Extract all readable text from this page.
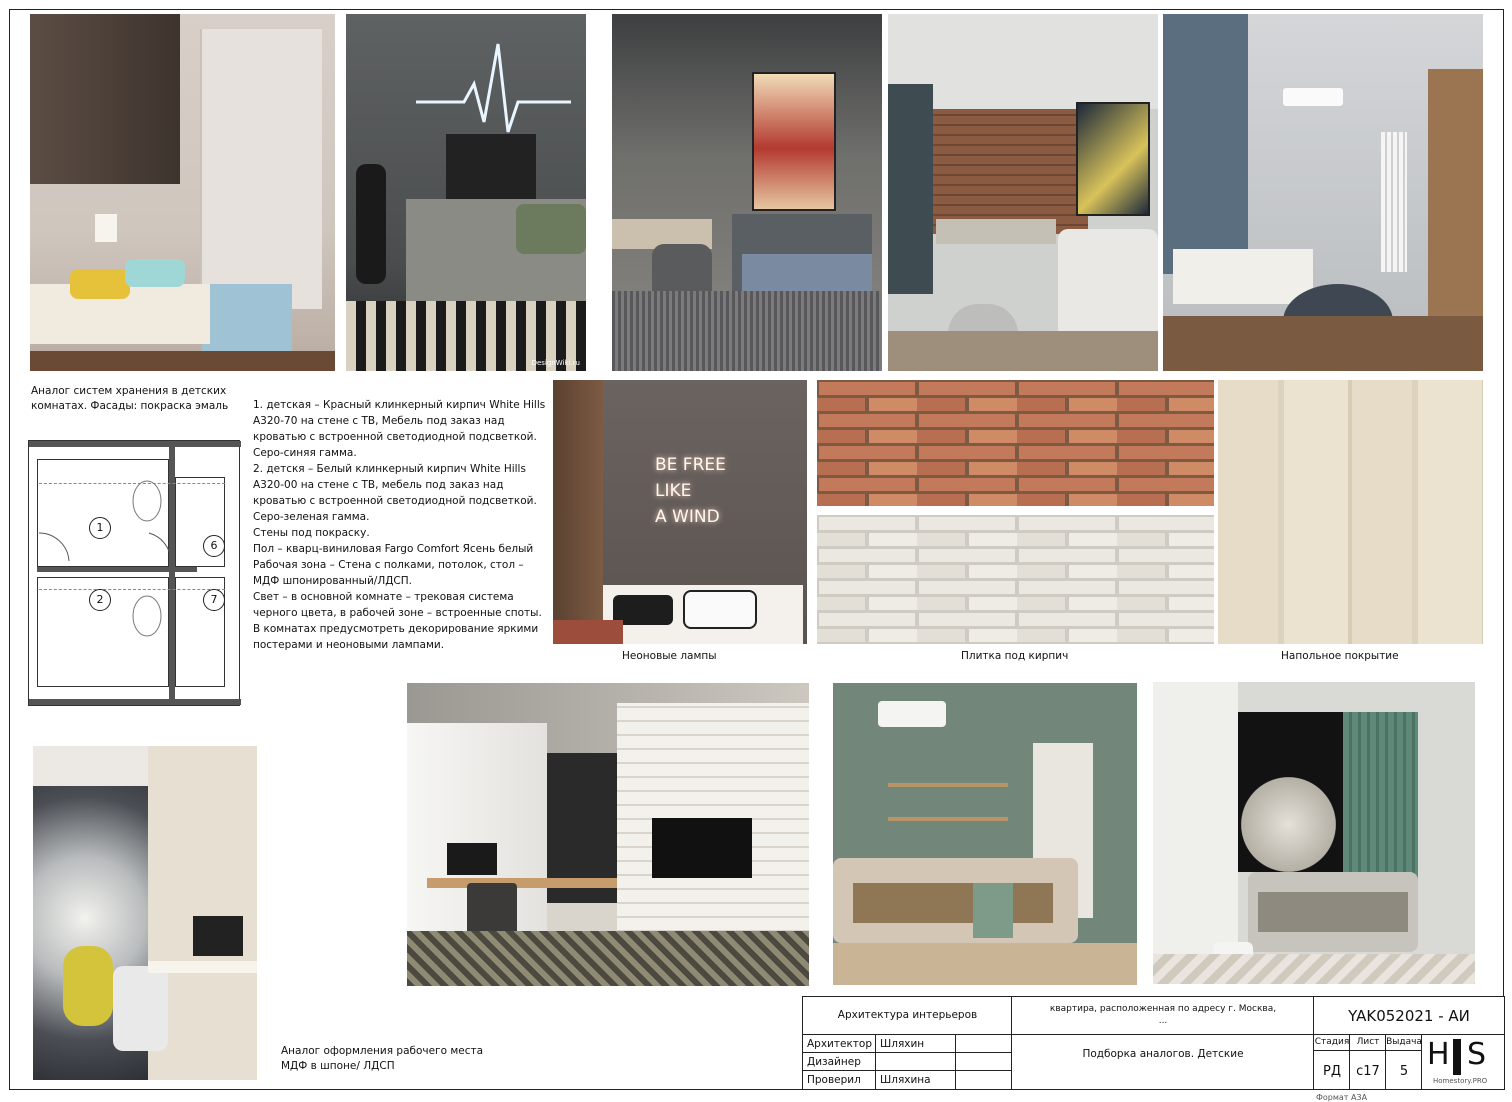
DesignWiki.ru
Аналог систем хранения в детских
комнатах. Фасады: покраска эмаль
1
2
6
7
1. детская – Красный клинкерный кирпич White Hills А320-70 на стене с ТВ, Мебель под заказ над кроватью с встроенной светодиодной подсветкой. Серо-синяя гамма.
2. детскя – Белый клинкерный кирпич White Hills А320-00 на стене с ТВ, мебель под заказ над кроватью с встроенной светодиодной подсветкой. Серо-зеленая гамма.
Стены под покраску.
Пол – кварц-виниловая Fargo Comfort Ясень белый
Рабочая зона – Стена с полками, потолок, стол – МДФ шпонированный/ЛДСП.
Свет – в основной комнате – трековая система черного цвета, в рабочей зоне – встроенные споты.
В комнатах предусмотреть декорирование яркими постерами и неоновыми лампами.
BE FREE
LIKE
A WIND
Неоновые лампы	Плитка под кирпич	Напольное покрытие
Аналог оформления рабочего места
МДФ в шпоне/ ЛДСП
Архитектура интерьеров	квартира, расположенная по адресу г. Москва,
...	YAK052021 - АИ
Архитектор Шляхин
Дизайнер
Проверил Шляхина
Подборка аналогов. Детские
Стадия Лист Выдача
РД	с17	5 H S
Homestory.PRO
Формат А3А
